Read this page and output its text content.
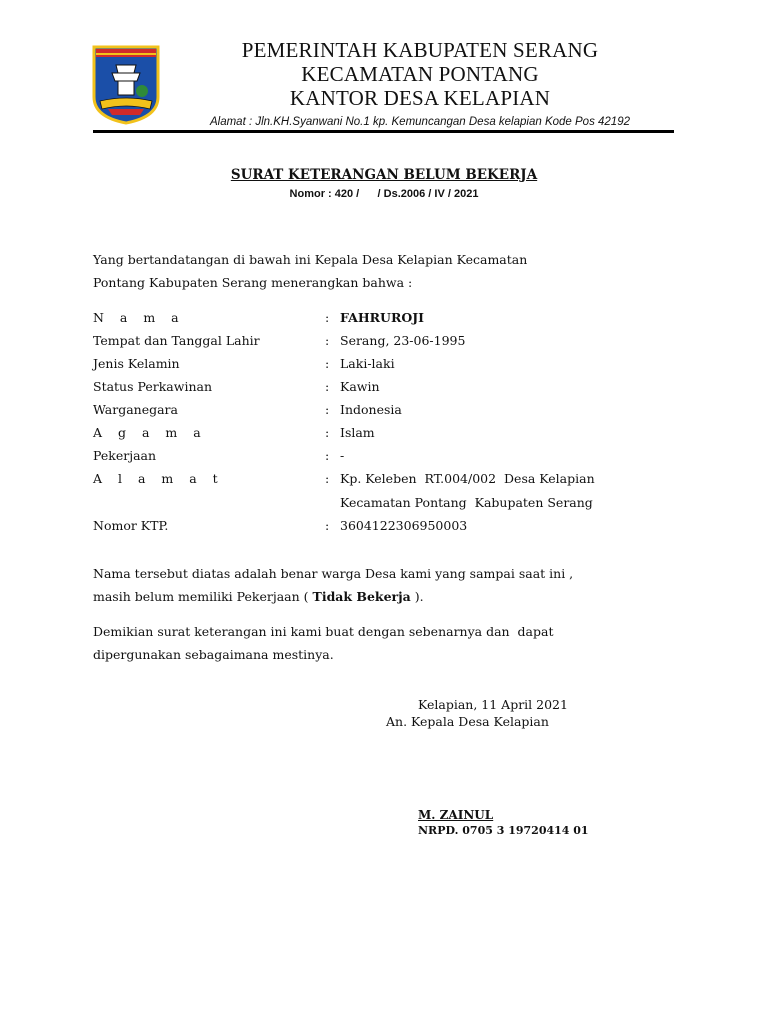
PEMERINTAH KABUPATEN SERANG
KECAMATAN PONTANG
KANTOR DESA KELAPIAN
Alamat : Jln.KH.Syanwani No.1 kp. Kemuncangan Desa kelapian Kode Pos 42192
SURAT KETERANGAN BELUM BEKERJA
Nomor : 420 /      / Ds.2006 / IV / 2021
Yang bertandatangan di bawah ini Kepala Desa Kelapian Kecamatan
Pontang Kabupaten Serang menerangkan bahwa :
N a m a	: FAHRUROJI
Tempat dan Tanggal Lahir	: Serang, 23-06-1995
Jenis Kelamin	: Laki-laki
Status Perkawinan	: Kawin
Warganegara	: Indonesia
A g a m a	: Islam
Pekerjaan	: -
A l a m a t	: Kp. Keleben  RT.004/002  Desa Kelapian
Kecamatan Pontang  Kabupaten Serang
Nomor KTP.	: 3604122306950003
Nama tersebut diatas adalah benar warga Desa kami yang sampai saat ini ,
masih belum memiliki Pekerjaan ( Tidak Bekerja ).
Demikian surat keterangan ini kami buat dengan sebenarnya dan  dapat
dipergunakan sebagaimana mestinya.
Kelapian, 11 April 2021
An. Kepala Desa Kelapian
M. ZAINUL
NRPD. 0705 3 19720414 01
